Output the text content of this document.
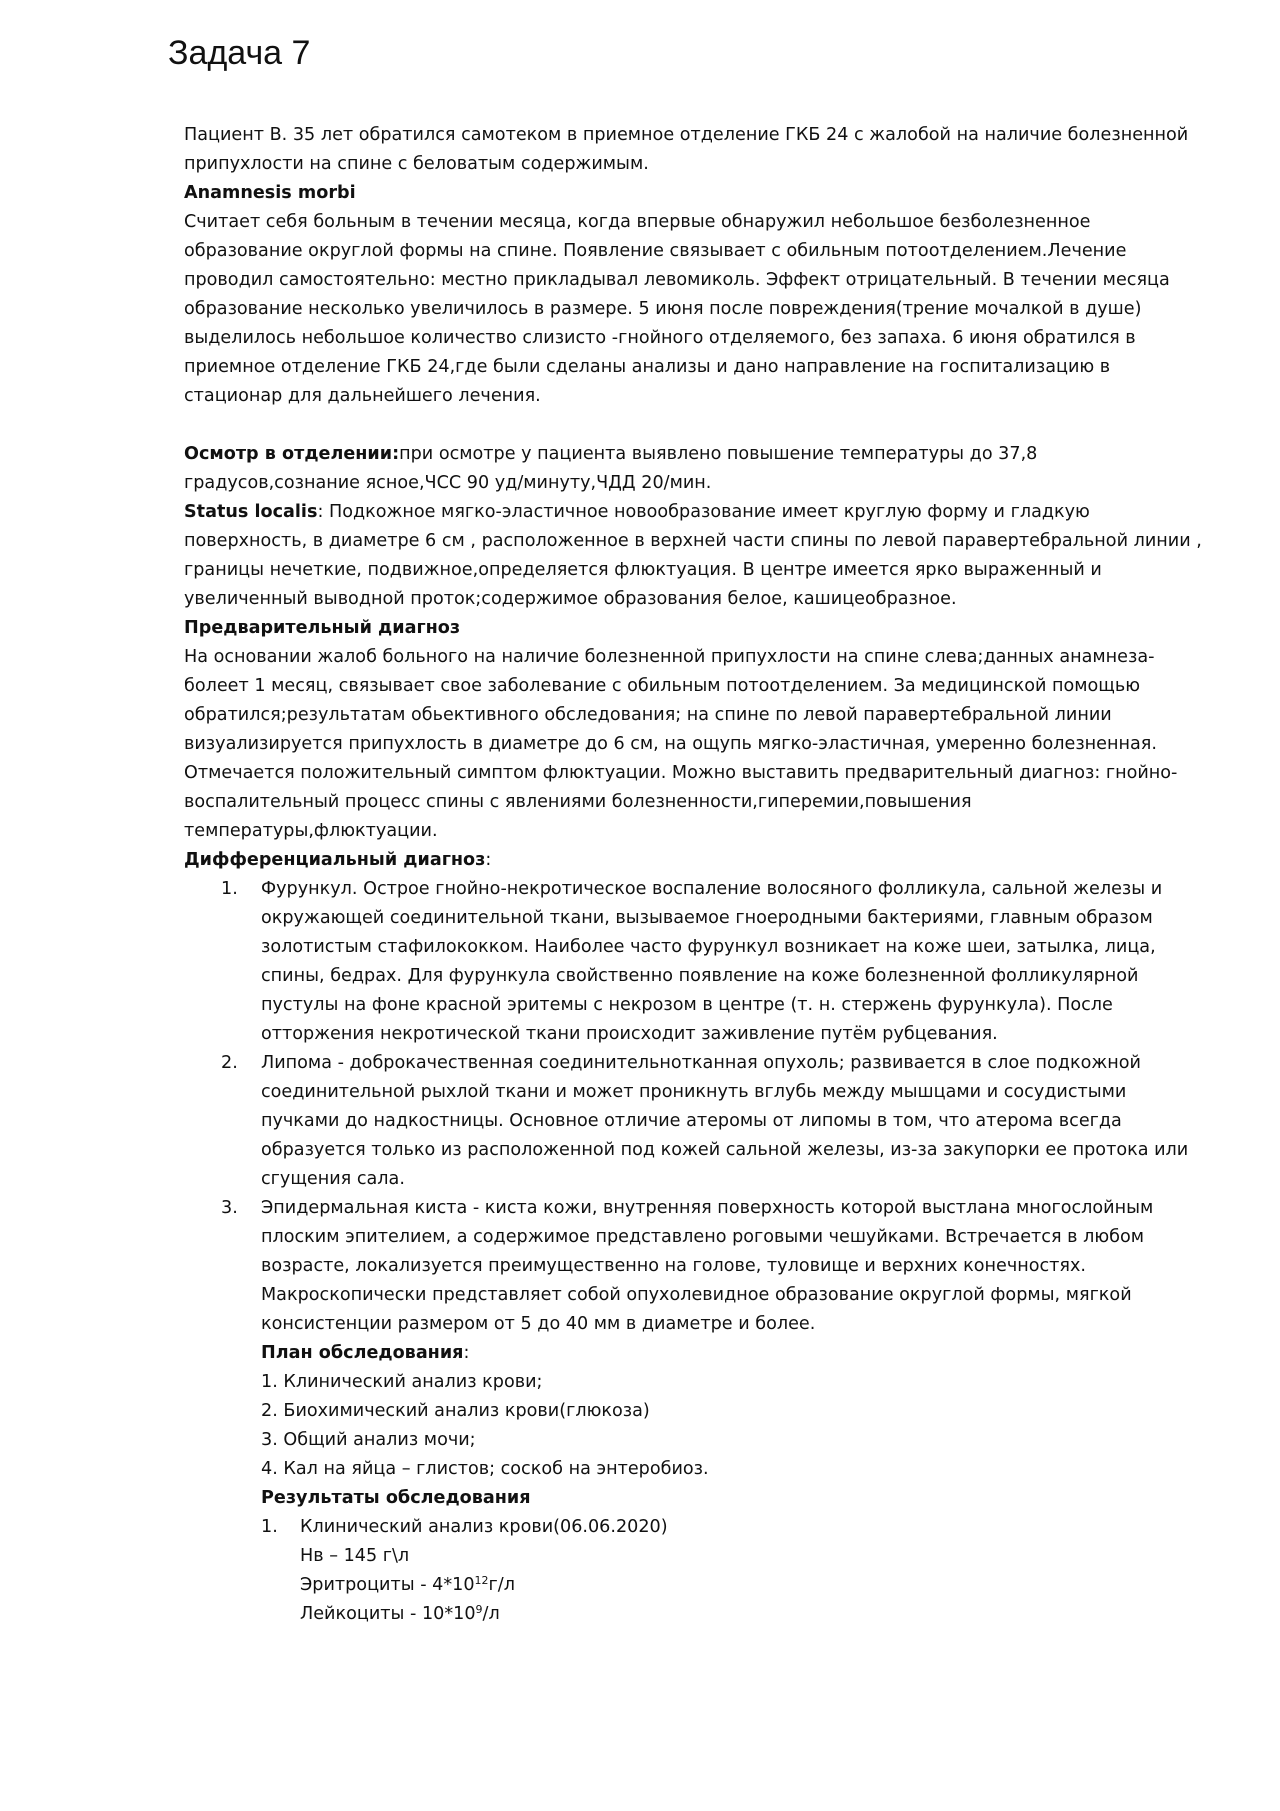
Задача 7

Пациент В. 35 лет обратился самотеком в приемное отделение ГКБ 24 с жалобой на наличие болезненной припухлости на спине с беловатым содержимым.

Anamnesis morbi

Считает себя больным в течении месяца, когда впервые обнаружил небольшое безболезненное образование округлой формы на спине. Появление связывает с обильным потоотделением.Лечение проводил самостоятельно: местно прикладывал левомиколь. Эффект отрицательный. В течении месяца образование несколько увеличилось в размере. 5 июня после повреждения(трение мочалкой в душе) выделилось небольшое количество слизисто -гнойного отделяемого, без запаха. 6 июня обратился в приемное отделение ГКБ 24,где были сделаны анализы и дано направление на госпитализацию в стационар для дальнейшего лечения.

Осмотр в отделении:при осмотре у пациента выявлено повышение температуры до 37,8 градусов,сознание ясное,ЧСС 90 уд/минуту,ЧДД 20/мин.

Status localis: Подкожное мягко-эластичное новообразование имеет круглую форму и гладкую поверхность, в диаметре 6 см , расположенное в верхней части спины по левой паравертебральной линии , границы нечеткие, подвижное,определяется флюктуация. В центре имеется ярко выраженный и увеличенный выводной проток;содержимое образования белое, кашицеобразное.

Предварительный диагноз

На основании жалоб больного на наличие болезненной припухлости на спине слева;данных анамнеза- болеет 1 месяц, связывает свое заболевание с обильным потоотделением. За медицинской помощью обратился;результатам обьективного обследования; на спине по левой паравертебральной линии визуализируется припухлость в диаметре до 6 см, на ощупь мягко-эластичная, умеренно болезненная. Отмечается положительный симптом флюктуации. Можно выставить предварительный диагноз: гнойно-воспалительный процесс спины с явлениями болезненности,гиперемии,повышения температуры,флюктуации.

Дифференциальный диагноз:

1. Фурункул. Острое гнойно-некротическое воспаление волосяного фолликула, сальной железы и окружающей соединительной ткани, вызываемое гноеродными бактериями, главным образом золотистым стафилококком. Наиболее часто фурункул возникает на коже шеи, затылка, лица, спины, бедрах. Для фурункула свойственно появление на коже болезненной фолликулярной пустулы на фоне красной эритемы с некрозом в центре (т. н. стержень фурункула). После отторжения некротической ткани происходит заживление путём рубцевания.
2. Липома - доброкачественная соединительнотканная опухоль; развивается в слое подкожной соединительной рыхлой ткани и может проникнуть вглубь между мышцами и сосудистыми пучками до надкостницы. Основное отличие атеромы от липомы в том, что атерома всегда образуется только из расположенной под кожей сальной железы, из-за закупорки ее протока или сгущения сала.
3. Эпидермальная киста - киста кожи, внутренняя поверхность которой выстлана многослойным плоским эпителием, а содержимое представлено роговыми чешуйками. Встречается в любом возрасте, локализуется преимущественно на голове, туловище и верхних конечностях. Макроскопически представляет собой опухолевидное образование округлой формы, мягкой консистенции размером от 5 до 40 мм в диаметре и более.

План обследования:

1. Клинический анализ крови;

2. Биохимический анализ крови(глюкоза)

3. Общий анализ мочи;

4. Кал на яйца – глистов; соскоб на энтеробиоз.

Результаты обследования

1. Клинический анализ крови(06.06.2020)

Нв – 145 г\л

Эритроциты - $4*10^{12}г/л$

Лейкоциты - $10*10^9/л$
